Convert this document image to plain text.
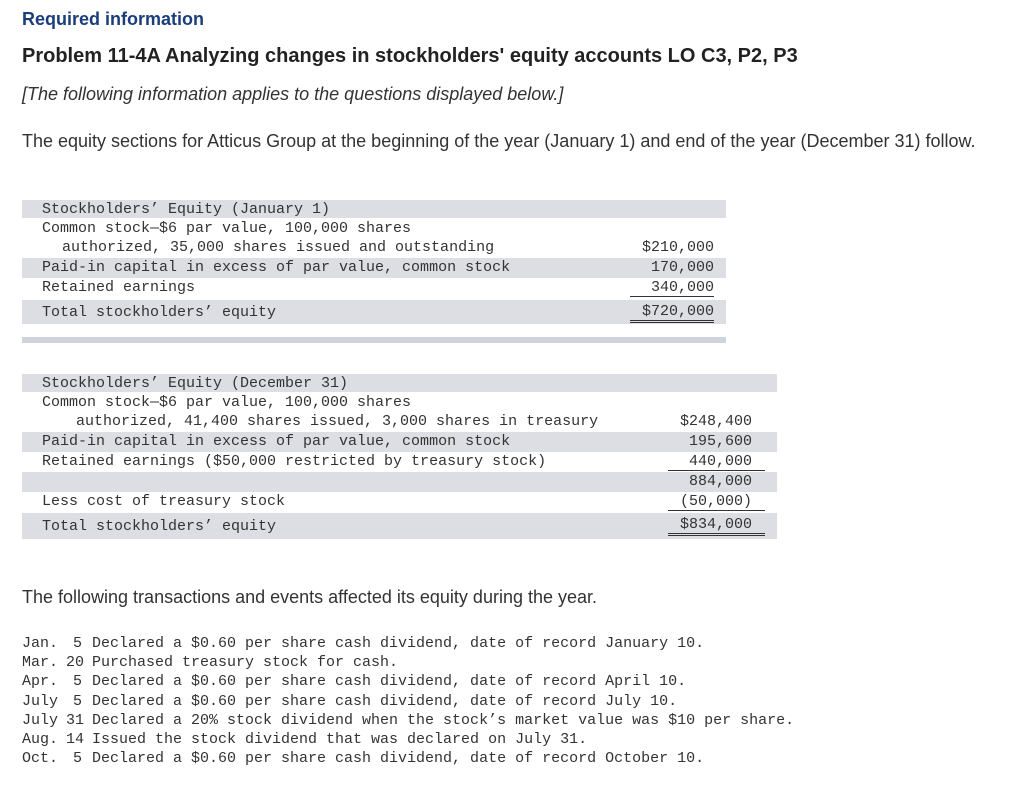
Required information
Problem 11-4A Analyzing changes in stockholders' equity accounts LO C3, P2, P3
[The following information applies to the questions displayed below.]
The equity sections for Atticus Group at the beginning of the year (January 1) and end of the year (December 31) follow.
Stockholders’ Equity (January 1)
Common stock—$6 par value, 100,000 shares
authorized, 35,000 shares issued and outstanding	$210,000
Paid-in capital in excess of par value, common stock	170,000
Retained earnings	340,000
Total stockholders’ equity	$720,000
Stockholders’ Equity (December 31)
Common stock—$6 par value, 100,000 shares
authorized, 41,400 shares issued, 3,000 shares in treasury	$248,400
Paid-in capital in excess of par value, common stock	195,600
Retained earnings ($50,000 restricted by treasury stock)	440,000
884,000
Less cost of treasury stock	(50,000)
Total stockholders’ equity	$834,000
The following transactions and events affected its equity during the year.
Jan. 5 Declared a $0.60 per share cash dividend, date of record January 10.
Mar. 20 Purchased treasury stock for cash.
Apr. 5 Declared a $0.60 per share cash dividend, date of record April 10.
July 5 Declared a $0.60 per share cash dividend, date of record July 10.
July 31 Declared a 20% stock dividend when the stock’s market value was $10 per share.
Aug. 14 Issued the stock dividend that was declared on July 31.
Oct. 5 Declared a $0.60 per share cash dividend, date of record October 10.
